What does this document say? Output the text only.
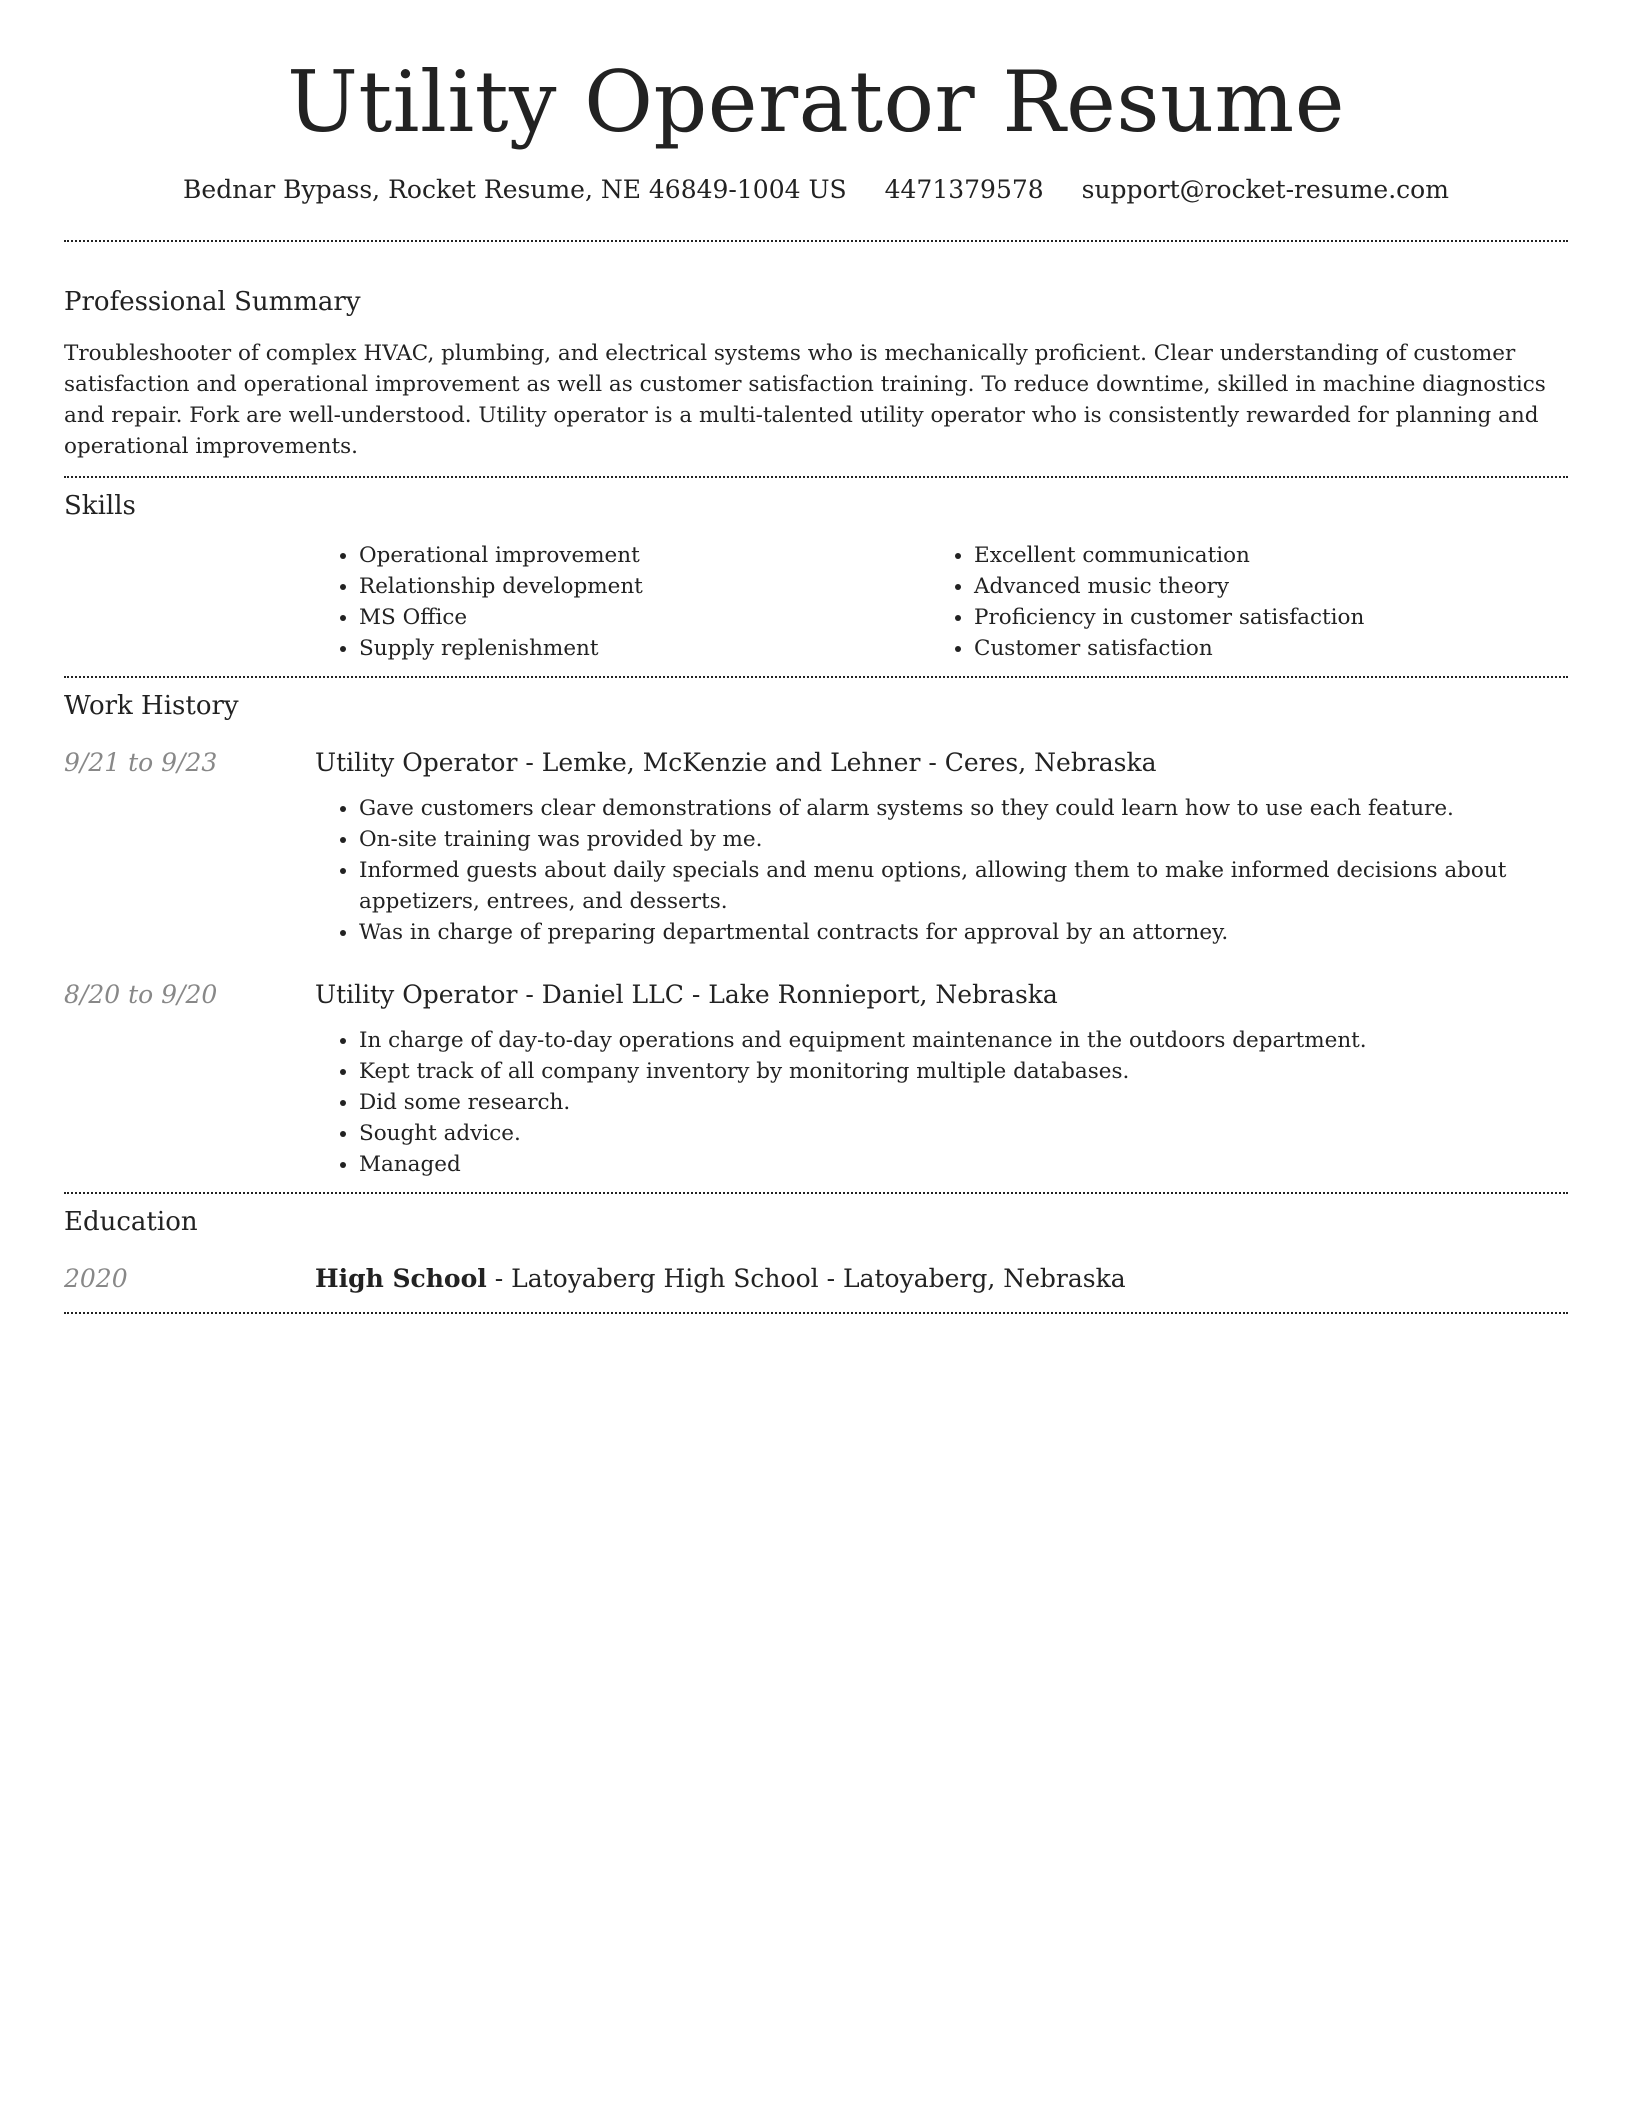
Utility Operator Resume
Bednar Bypass, Rocket Resume, NE 46849-1004 US 4471379578 support@rocket-resume.com
Professional Summary

Troubleshooter of complex HVAC, plumbing, and electrical systems who is mechanically proficient. Clear understanding of customer satisfaction and operational improvement as well as customer satisfaction training. To reduce downtime, skilled in machine diagnostics and repair. Fork are well-understood. Utility operator is a multi-talented utility operator who is consistently rewarded for planning and operational improvements.

Skills
• Operational improvement
• Relationship development
• MS Office
• Supply replenishment
• Excellent communication
• Advanced music theory
• Proficiency in customer satisfaction
• Customer satisfaction
Work History
9/21 to 9/23	Utility Operator - Lemke, McKenzie and Lehner - Ceres, Nebraska

• Gave customers clear demonstrations of alarm systems so they could learn how to use each feature.
• On-site training was provided by me.
• Informed guests about daily specials and menu options, allowing them to make informed decisions about appetizers, entrees, and desserts.
• Was in charge of preparing departmental contracts for approval by an attorney.
8/20 to 9/20	Utility Operator - Daniel LLC - Lake Ronnieport, Nebraska

• In charge of day-to-day operations and equipment maintenance in the outdoors department.
• Kept track of all company inventory by monitoring multiple databases.
• Did some research.
• Sought advice.
• Managed
Education
2020	High School - Latoyaberg High School - Latoyaberg, Nebraska
